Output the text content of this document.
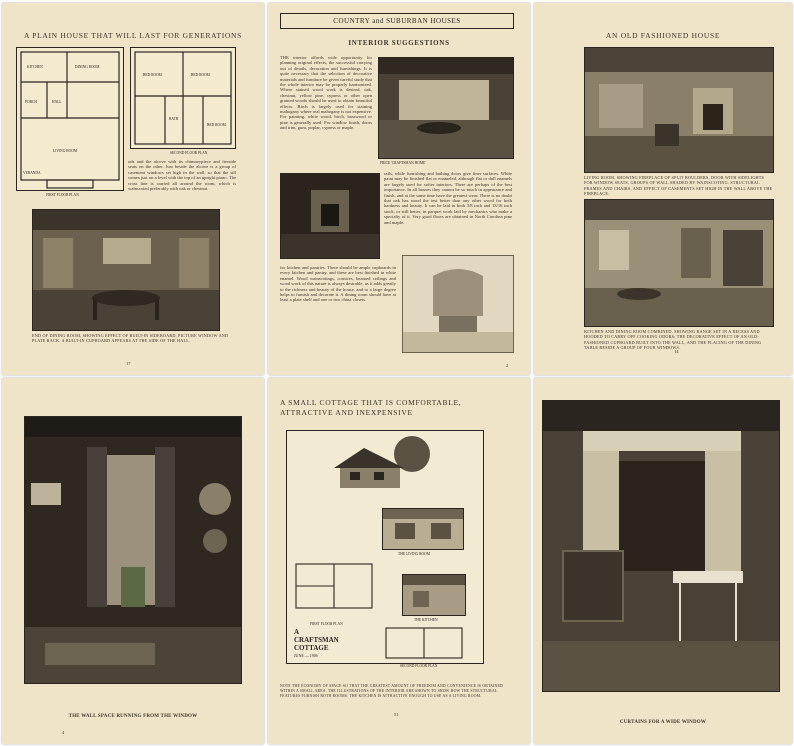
A PLAIN HOUSE THAT WILL LAST FOR GENERATIONS
KITCHEN	DINING ROOM
LIVING ROOM
HALL
PORCH
VERANDA
FIRST FLOOR PLAN.
BED ROOM
BATH
BED ROOM
BED ROOM
SECOND FLOOR PLAN.
ods and the alcove with its chimneypiece and fireside seats on the other. Just beside the alcove is a group of casement windows set high in the wall, so that the sill comes just on a level with the top of an upright piano. The cross line is carried all around the room, which is wainscoted preferably with oak or chestnut.
END OF DINING ROOM, SHOWING EFFECT OF BUILT-IN SIDEBOARD, PICTURE WINDOW AND PLATE RACK. A BUILT-IN CUPBOARD APPEARS AT THE SIDE OF THE HALL.
17
COUNTRY and SUBURBAN HOUSES
INTERIOR SUGGESTIONS
THE interior affords wide opportunity for planning original effects, the successful carrying out of details, decoration and furnishings. It is quite necessary that the selection of decorative materials and furniture be given careful study that the whole interior may be properly harmonized. Where stained wood work is desired, oak, chestnut, yellow pine, cypress or other open grained woods should be used to obtain beautiful effects. Birch is largely used for staining mahogany where real mahogany is not expensive. For painting, white wood, birch, basswood or pine is generally used. For window finish, doors and trim, gum, poplar, cypress or maple.
PRICE 'CRAFTSMAN HOME'
rails, while furnishing and bathing doors give finer surfaces. White paint may be finished flat or enameled, although flat or dull enamels are largely used for softer interiors. There are perhaps of the best importance. In all houses they cannot be so much in appearance and finish, and at the same time have the greatest wear. There is no doubt that oak has stood the test better than any other wood for both hardness and beauty. It can be laid in both 3/8 inch and 13/16 inch stock, or still better, in parquet work laid by mechanics who make a specialty of it. Very good floors are obtained in North Carolina pine and maple.
for kitchen and pantries. There should be ample cupboards in every kitchen and pantry, and these are best finished in white enamel. Wood wainscotings, cornices, beamed ceilings and wood work of this nature is always desirable, as it adds greatly to the richness and beauty of the house, and to a large degree helps to furnish and decorate it. A dining room should have at least a plate shelf and one or two china closets.
2
AN OLD FASHIONED HOUSE
LIVING ROOM, SHOWING FIREPLACE OF SPLIT BOULDERS, DOOR WITH SIDELIGHTS FOR WINDOW SEATS, GROUPS OF WALL SHADED BY WAINSCOTING, STRUCTURAL FRAMES AND CHAIRS, AND EFFECT OF CASEMENTS SET HIGH IN THE WALL ABOVE THE FIREPLACE.
KITCHEN AND DINING ROOM COMBINED, SHOWING RANGE SET IN A RECESS AND HOODED TO CARRY OFF COOKING ODORS; THE DECORATIVE EFFECT OF AN OLD-FASHIONED CUPBOARD BUILT INTO THE WALL, AND THE PLACING OF THE DINING TABLE BESIDE A GROUP OF FOUR WINDOWS.
14
THE WALL SPACE RUNNING FROM THE WINDOW
4
A SMALL COTTAGE THAT IS COMFORTABLE,
ATTRACTIVE AND INEXPENSIVE
THE LIVING ROOM
FIRST FLOOR PLAN
THE KITCHEN
A
CRAFTSMAN
COTTAGE
JUNE — 1906
SECOND FLOOR PLAN
NOTE THE ECONOMY OF SPACE SO THAT THE GREATEST AMOUNT OF FREEDOM AND CONVENIENCE IS OBTAINED WITHIN A SMALL AREA. THE ILLUSTRATIONS OF THE INTERIOR ARE SHOWN TO SHOW HOW THE STRUCTURAL FEATURES FURNISH BOTH ROOMS. THE KITCHEN IS ATTRACTIVE ENOUGH TO USE AS A LIVING ROOM.
51
CURTAINS FOR A WIDE WINDOW
